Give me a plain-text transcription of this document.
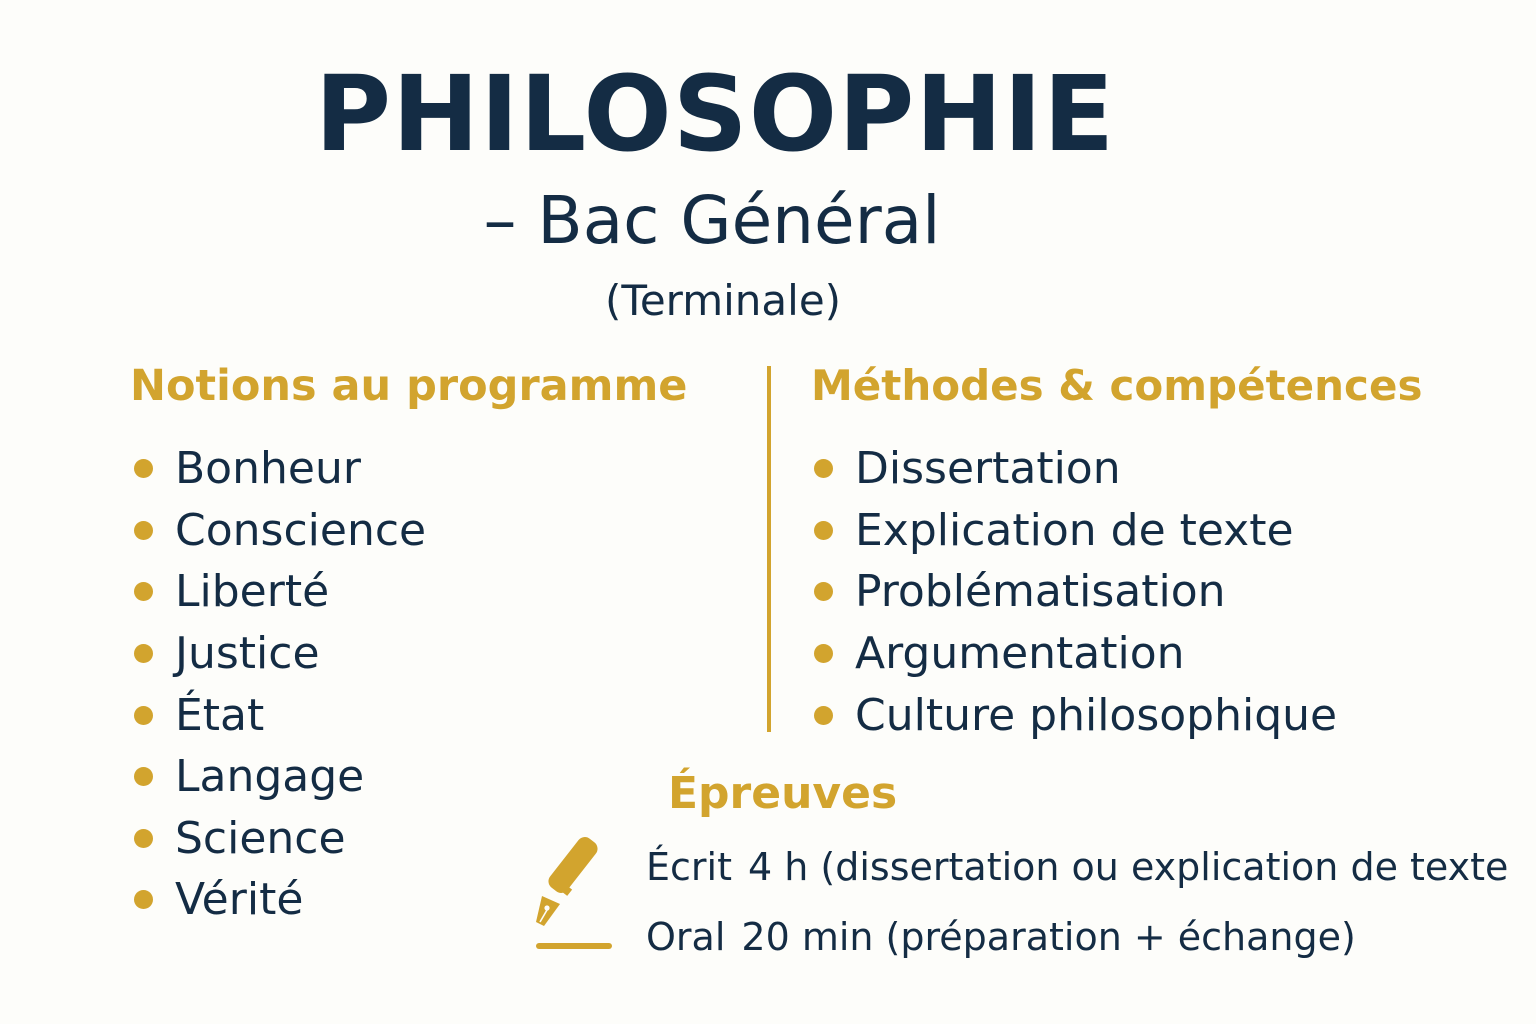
PHILOSOPHIE
– Bac Général
(Terminale)
Notions au programme	Méthodes & compétences
Bonheur
Conscience
Liberté
Justice
État
Langage
Science
Vérité
Dissertation
Explication de texte
Problématisation
Argumentation
Culture philosophique
Épreuves
Écrit 4 h (dissertation ou explication de texte
Oral 20 min (préparation + échange)
